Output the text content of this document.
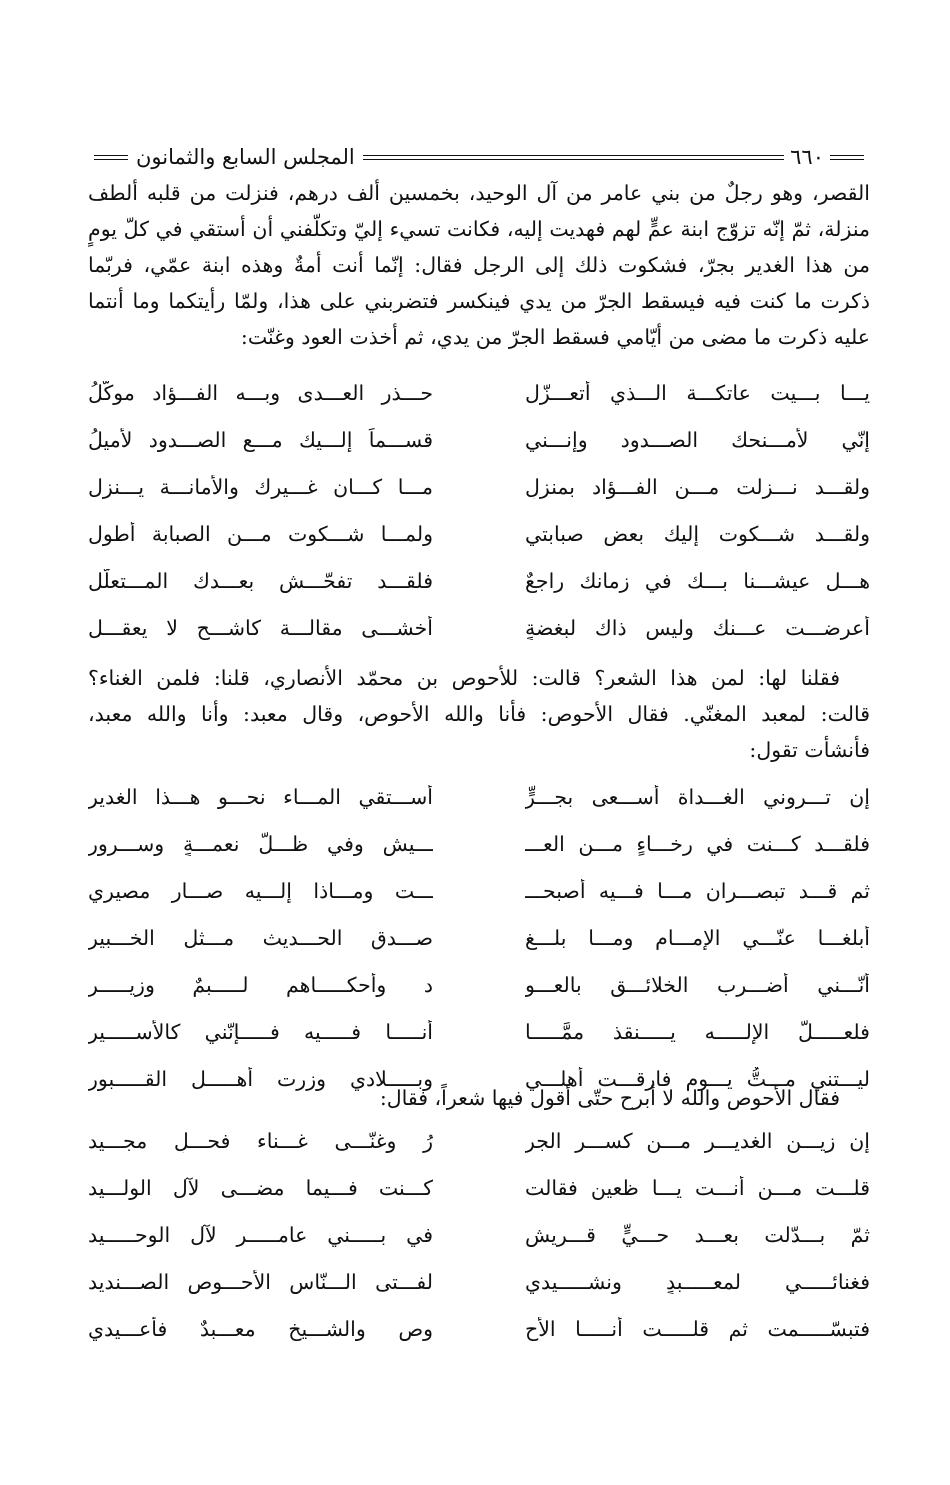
٦٦٠
المجلس السابع والثمانون
القصر، وهو رجلٌ من بني عامر من آل الوحيد، بخمسين ألف درهم، فنزلت من قلبه ألطف
منزلة، ثمّ إنّه تزوّج ابنة عمٍّ لهم فهديت إليه، فكانت تسيء إليّ وتكلّفني أن أستقي في كلّ يومٍ
من هذا الغدير بجرّ، فشكوت ذلك إلى الرجل فقال: إنّما أنت أمةٌ وهذه ابنة عمّي، فربّما
ذكرت ما كنت فيه فيسقط الجرّ من يدي فينكسر فتضربني على هذا، ولمّا رأيتكما وما أنتما
عليه ذكرت ما مضى من أيّامي فسقط الجرّ من يدي، ثم أخذت العود وغنّت:
يـــا بـــيت عاتكـــة الـــذي أتعـــزّل
حـــذر العـــدى وبـــه الفـــؤاد موكّلُ
إنّي لأمـــنحك الصـــدود وإنـــني
قســـماً إلـــيك مـــع الصـــدود لأميلُ
ولقـــد نـــزلت مـــن الفـــؤاد بمنزلٍ
مـــا كـــان غـــيرك والأمانـــة يـــنزل
ولقـــد شـــكوت إليك بعض صبابتي
ولمـــا شـــكوت مـــن الصبابة أطول
هـــل عيشـــنا بـــك في زمانك راجعٌ
فلقـــد تفحّـــش بعـــدك المـــتعلّل
أعرضـــت عـــنك وليس ذاك لبغضةٍ
أخشـــى مقالـــة كاشـــحٍ لا يعقـــل
فقلنا لها: لمن هذا الشعر؟ قالت: للأحوص بن محمّد الأنصاري، قلنا: فلمن الغناء؟
قالت: لمعبد المغنّي. فقال الأحوص: فأنا والله الأحوص، وقال معبد: وأنا والله معبد،
فأنشأت تقول:
إن تـــروني الغـــداة أســـعى بجـــرٍّ
أســـتقي المـــاء نحـــو هـــذا الغدير
فلقـــد كـــنت في رخـــاءٍ مـــن العـــ
ـــيش وفي ظـــلّ نعمـــةٍ وســـرور
ثم قـــد تبصـــران مـــا فـــيه أصبحـــ
ـــت ومـــاذا إلـــيه صـــار مصيري
أبلغـــا عنّـــي الإمـــام ومـــا بلـــغ
صـــدق الحـــديث مـــثل الخـــبير
أنّـــني أضـــرب الخلائـــق بالعـــو
د وأحكـــــاهم لـــــبمٌ وزيـــــر
فلعـــــلّ الإلـــــه يـــــنقذ ممَّـــــا
أنـــــا فـــــيه فـــــإنّني كالأســـــير
ليـــتني مـــتُّ يـــوم فارقـــت أهلـــي
وبـــــلادي وزرت أهـــــل القـــــبور
فقال الأحوص والله لا أبرح حتّى أقول فيها شعراً، فقال:
إن زيـــن الغديـــر مـــن كســـر الجر
رُ وغنّـــى غـــناء فحـــلٍ مجـــيد
قلـــت مـــن أنـــت يـــا ظعين فقالت
كـــنت فـــيما مضـــى لآل الولـــيد
ثمّ بـــدّلت بعـــد حـــيٍّ قـــريشٍ
في بـــــني عامـــــر لآل الوحـــــيد
فغنائـــــي لمعـــــبدٍ ونشـــــيدي
لفـــتى الـــنّاس الأحـــوص الصـــنديد
فتبسّـــــمت ثم قلـــــت أنـــــا الأح
وص والشـــيخ معـــبدٌ فأعـــيدي
